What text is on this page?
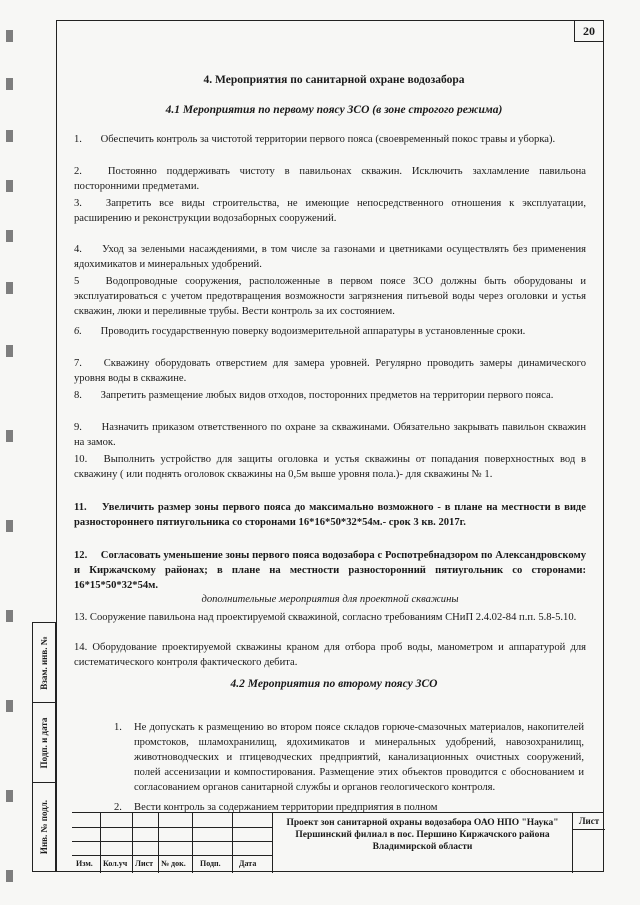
20
Взам. инв. №
Подп. и дата
Инв. № подл.
4. Мероприятия по санитарной охране водозабора
4.1 Мероприятия по первому поясу ЗСО (в зоне строгого режима)
1. Обеспечить контроль за чистотой территории первого пояса (своевременный покос травы и уборка).
2. Постоянно поддерживать чистоту в павильонах скважин. Исключить захламление павильона посторонними предметами.
3. Запретить все виды строительства, не имеющие непосредственного отношения к эксплуатации, расширению и реконструкции водозаборных сооружений.
4. Уход за зелеными насаждениями, в том числе за газонами и цветниками осуществлять без применения ядохимикатов и минеральных удобрений.
5 Водопроводные сооружения, расположенные в первом поясе ЗСО должны быть оборудованы и эксплуатироваться с учетом предотвращения возможности загрязнения питьевой воды через оголовки и устья скважин, люки и переливные трубы. Вести контроль за их состоянием.
6. Проводить государственную поверку водоизмерительной аппаратуры в установленные сроки.
7. Скважину оборудовать отверстием для замера уровней. Регулярно проводить замеры динамического уровня воды в скважине.
8. Запретить размещение любых видов отходов, посторонних предметов на территории первого пояса.
9. Назначить приказом ответственного по охране за скважинами. Обязательно закрывать павильон скважин на замок.
10. Выполнить устройство для защиты оголовка и устья скважины от попадания поверхностных вод в скважину ( или поднять оголовок скважины на 0,5м выше уровня пола.)- для скважины № 1.
11. Увеличить размер зоны первого пояса до максимально возможного - в плане на местности в виде разностороннего пятиугольника со сторонами 16*16*50*32*54м.- срок 3 кв. 2017г.
12. Согласовать уменьшение зоны первого пояса водозабора с Роспотребнадзором по Александровскому и Киржачскому районах; в плане на местности разносторонний пятиугольник со сторонами: 16*15*50*32*54м.
дополнительные мероприятия для проектной скважины
13. Сооружение павильона над проектируемой скважиной, согласно требованиям СНиП 2.4.02-84 п.п. 5.8-5.10.
14. Оборудование проектируемой скважины краном для отбора проб воды, манометром и аппаратурой для систематического контроля фактического дебита.
4.2 Мероприятия по второму поясу ЗСО
1. Не допускать к размещению во втором поясе складов горюче-смазочных материалов, накопителей промстоков, шламохранилищ, ядохимикатов и минеральных удобрений, навозохранилищ, животноводческих и птицеводческих предприятий, канализационных очистных сооружений, полей ассенизации и компостирования. Размещение этих объектов проводится с обоснованием и согласованием органов санитарной службы и органов геологического контроля.
2. Вести контроль за содержанием территории предприятия в полном
Изм. Кол.уч Лист № док. Подп. Дата
Проект зон санитарной охраны водозабора ОАО НПО "Наука"
Першинский филиал в пос. Першино Киржачского района
Владимирской области
Лист
